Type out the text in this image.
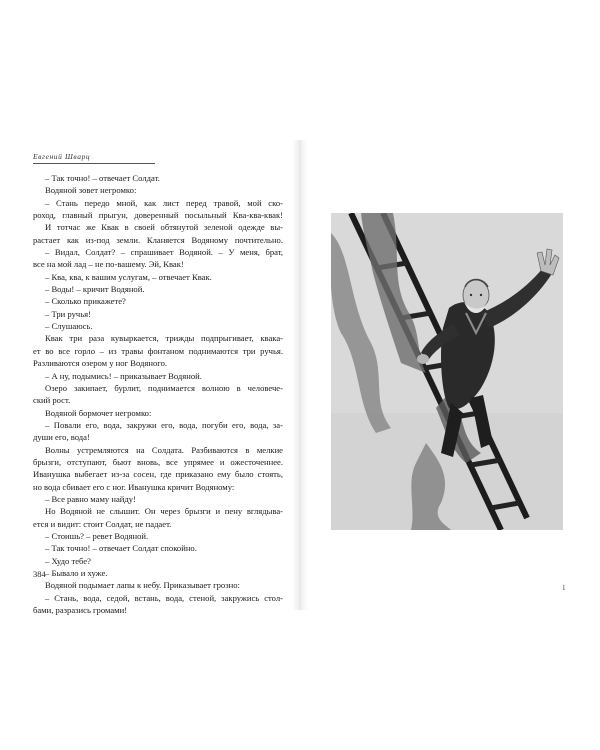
Евгений Шварц
– Так точно! – отвечает Солдат.
Водяной зовет негромко:
– Стань передо мной, как лист перед травой, мой ско-
роход, главный прыгун, доверенный посыльный Ква-ква-квак!
И тотчас же Квак в своей обтянутой зеленой одежде вы-
растает как из-под земли. Кланяется Водяному почтительно.
– Видал, Солдат? – спрашивает Водяной. – У меня, брат,
все на мой лад – не по-вашему. Эй, Квак!
– Ква, ква, к вашим услугам, – отвечает Квак.
– Воды! – кричит Водяной.
– Сколько прикажете?
– Три ручья!
– Слушаюсь.
Квак три раза кувыркается, трижды подпрыгивает, квака-
ет во все горло – из травы фонтаном поднимаются три ручья.
Разливаются озером у ног Водяного.
– А ну, подымись! – приказывает Водяной.
Озеро закипает, бурлит, поднимается волною в человече-
ский рост.
Водяной бормочет негромко:
– Повали его, вода, закружи его, вода, погуби его, вода, за-
души его, вода!
Волны устремляются на Солдата. Разбиваются в мелкие
брызги, отступают, бьют вновь, все упрямее и ожесточеннее.
Иванушка выбегает из-за сосен, где приказано ему было стоять,
но вода сбивает его с ног. Иванушка кричит Водяному:
– Все равно маму найду!
Но Водяной не слышит. Он через брызги и пену вглядыва-
ется и видит: стоит Солдат, не падает.
– Стоишь? – ревет Водяной.
– Так точно! – отвечает Солдат спокойно.
– Худо тебе?
– Бывало и хуже.
Водяной подымает лапы к небу. Приказывает грозно:
– Стань, вода, седой, встань, вода, стеной, закружись стол-
бами, разразись громами!
384
1
